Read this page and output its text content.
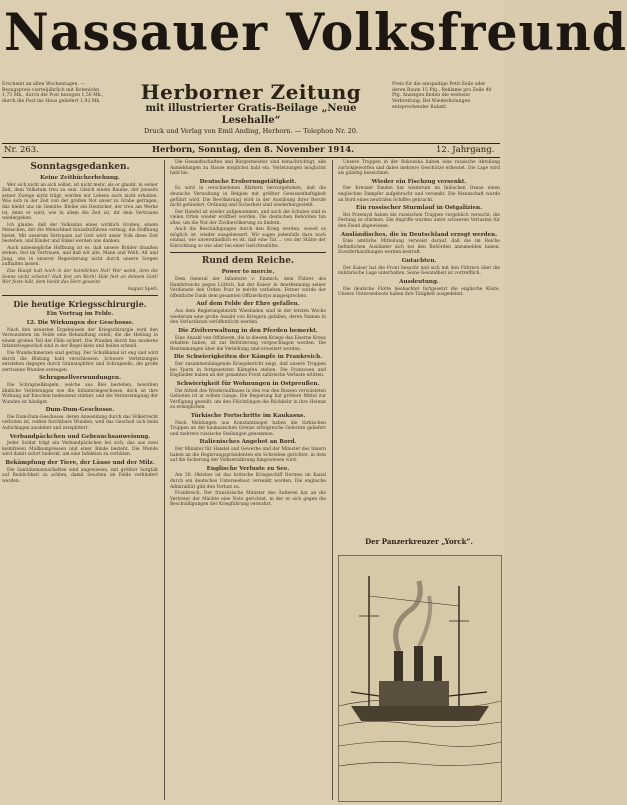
Nassauer Volksfreund
Erscheint an allen Wochentagen. — Bezugspreis vierteljährlich mit Botenlohn 1,75 Mk., durch die Post bezogen 1,50 Mk., durch die Post ins Haus geliefert 1,92 Mk.
Preis für die einspaltige Petit-Zeile oder deren Raum 15 Pfg., Reklame pro Zeile 40 Pfg. Anzeigen finden die weiteste Verbreitung. Bei Wiederholungen entsprechender Rabatt.
Herborner Zeitung
mit illustrierter Gratis-Beilage „Neue Lesehalle“
Druck und Verlag von Emil Anding, Herborn. — Telephon Nr. 20.
Nr. 263.	Herborn, Sonntag, den 8. November 1914.	12. Jahrgang.
Sonntagsgedanken.
Keine Zeitbücherbehung.

Wer sich nicht an sich selbst, ist nicht mehr, als er glaubt, in seiner Zeit, dem Volkstum treu zu sein. Gleich einem Baume, der jenseits seiner Zweige nicht trägt, werden wir Lebens auch nicht erhalten. Was sich in der Zeit von der großen Not unser zu Grabe getragen, das bleibt uns im Gemüte: Bleibe ein Deutscher, der treu am Werke ist, denn er wird, wie in allem die Zeit ist, dir dein Vertrauen wiedergeben.

Ich glaube, daß der Volkssinn eines wirklich Großen, einem Menschen, der die Menschheit hinaufzuführen vermag, die Hoffnung bietet. Mit unserem Vertrauen auf Gott wird unser Volk diese Zeit bestehen, und Kinder und Enkel werden uns danken.

Auch unbesiegliche Hoffnung ist es, daß unsere Brüder draußen stehen, fest im Vertrauen, und daß wir alle, Mann und Weib, Alt und Jung, uns in unserer Begeisterung nicht durch unsere Sorgen aufhalten lassen.

Das Haupt halt hoch in der heimlichen Not! Wer weint, dem die Sonne nicht scheint? Halt fest am Werk! Halt fest an deinem Gott! Wer feste hält, dem bleibt das Herz geweint.

August Sperl.

Die heutige Kriegsschirurgie.
Ein Vortrag im Felde.
12. Die Wirkungen der Geschosse.

Nach den neuesten Ergebnissen der Kriegschirurgie wird den Verwundeten im Felde eine Behandlung zuteil, die die Heilung in einem großen Teil der Fälle sichert. Die Wunden durch das moderne Infanteriegeschoß sind in der Regel klein und heilen schnell.

Die Wundschmerzen sind gering. Der Schußkanal ist eng und wird durch die Blutung bald verschlossen. Schwere Verletzungen entstehen dagegen durch Granatsplitter und Schrapnells, die große zerrissene Wunden erzeugen.

Schrapnellverwundungen.

Die Schrapnellkugeln, welche aus Blei bestehen, bewirken ähnliche Verletzungen wie die Infanteriegeschosse, doch ist ihre Wirkung auf Knochen bedeutend stärker, und die Verunreinigung der Wunden ist häufiger.

Dum-Dum-Geschosse.

Die Dum-Dum-Geschosse, deren Anwendung durch das Völkerrecht verboten ist, reißen furchtbare Wunden, weil das Geschoß sich beim Aufschlagen ausdehnt und zersplittert.

Verbandpäckchen und Gebrauchsanweisung.

Jeder Soldat trägt ein Verbandpäckchen bei sich, das aus zwei keimfreien Mullkompressen und einer Binde besteht. Die Wunde wird damit sofort bedeckt, um eine Infektion zu verhüten.

Bekämpfung der Tiere, der Läuse und der Milz.

Die Sanitätsmannschaften sind angewiesen, mit größter Sorgfalt auf Reinlichkeit zu achten, damit Seuchen im Felde verhindert werden.

Die Gesandtschaften und Bürgermeister sind benachrichtigt, alle Anmeldungen zu Hause möglichst bald ein. Verletzungen möglichst bald bis.

Deutsche Eroberungstätigkeit.

Es wird in verschiedenen Blättern hervorgehoben, daß die deutsche Verwaltung in Belgien mit größter Gewissenhaftigkeit geführt wird. Die Bevölkerung wird in der Ausübung ihrer Berufe nicht gehindert, Ordnung und Sicherheit sind wiederhergestellt.

Der Handel ist wieder aufgenommen, und auch die Schulen sind in vielen Orten wieder eröffnet worden. Die deutschen Behörden tun alles, um die Not der Zivilbevölkerung zu lindern.

Auch die Beschädigungen durch den Krieg werden, soweit es möglich ist, wieder ausgebessert. Wir sagen jedenfalls dazu noch einmal, wie unverständlich es ist, daß eine Tat ... von der Stätte der Einrichtung so wie aber bei einer Gerichtsstätte.

Rund dem Reiche.
Power to mercie.

Dem General der Infanterie v. Emmich, dem Führer des Handstreichs gegen Lüttich, hat der Kaiser in Anerkennung seiner Verdienste den Orden Pour le mérite verliehen. Ferner wurde der öffentliche Dank dem gesamten Offizierkorps ausgesprochen.

Auf dem Felde der Ehre gefallen.

Aus dem Regierungsbezirk Wiesbaden sind in der letzten Woche wiederum eine große Anzahl von Kriegern gefallen, deren Namen in den Verlustlisten veröffentlicht werden.

Die Zivilverwaltung in den Pferden bemerkt.

Eine Anzahl von Offizieren, die in diesem Kriege das Eiserne Kreuz erhalten haben, ist zur Beförderung vorgeschlagen worden. Die Bestimmungen über die Verleihung sind erweitert worden.

Die Schwierigkeiten der Kämpfe in Frankreich.

Der zusammenhängende Kriegsbericht zeigt, daß unsere Truppen bei Ypern in fortgesetzten Kämpfen stehen. Die Franzosen und Engländer haben an der gesamten Front zahlreiche Verluste erlitten.

Schwierigkeit für Wohnungen in Ostpreußen.

Die Arbeit des Wiederaufbaues in den von den Russen verwüsteten Gebieten ist in vollem Gange. Die Regierung hat größere Mittel zur Verfügung gestellt, um den Flüchtlingen die Rückkehr in ihre Heimat zu ermöglichen.

Türkische Fortschritte im Kaukasus.

Nach Meldungen aus Konstantinopel haben die türkischen Truppen an der kaukasischen Grenze erfolgreiche Gefechte geliefert und mehrere russische Stellungen genommen.

Italienisches Angebot an Bord.

Der Minister für Handel und Gewerbe und der Minister des Innern haben an die Regierungspräsidenten ein Schreiben gerichtet, in dem auf die Sicherung der Volksernährung hingewiesen wird.

Englische Verluste zu See.

Am 30. Oktober ist das britische Kriegsschiff Hermes im Kanal durch ein deutsches Unterseeboot versenkt worden. Die englische Admiralität gibt den Verlust zu.

Frankreich. Der französische Minister des Äußeren hat an die Vertreter der Mächte eine Note gerichtet, in der er sich gegen die Beschuldigungen der Kriegführung verwahrt.

Unsere Truppen in der Bukowina haben eine russische Abteilung zurückgeworfen und dabei mehrere Geschütze erbeutet. Die Lage wird als günstig bezeichnet.

Wieder ein Fischzug versenkt.

Der Kreuzer Emden hat wiederum im Indischen Ozean einen englischen Dampfer aufgebracht und versenkt. Die Mannschaft wurde an Bord eines neutralen Schiffes gebracht.

Ein russischer Sturmlauf in Ostgalizien.

Bei Przemysl haben die russischen Truppen vergeblich versucht, die Festung zu stürmen. Die Angriffe wurden unter schweren Verlusten für den Feind abgewiesen.

Ausländisches, die in Deutschland erzogt werden.

Eine amtliche Mitteilung verweist darauf, daß die im Reiche befindlichen Ausländer sich bei den Behörden anzumelden haben. Zuwiderhandlungen werden bestraft.

Gutachten.

Der Kaiser hat die Front besucht und sich mit den Führern über die militärische Lage unterhalten. Seine Gesundheit ist vortrefflich.

Ausdeutung.

Die deutsche Flotte beobachtet fortgesetzt die englische Küste. Unsere Unterseeboote haben ihre Tätigkeit ausgedehnt.

Der Panzerkreuzer „Yorck“.
